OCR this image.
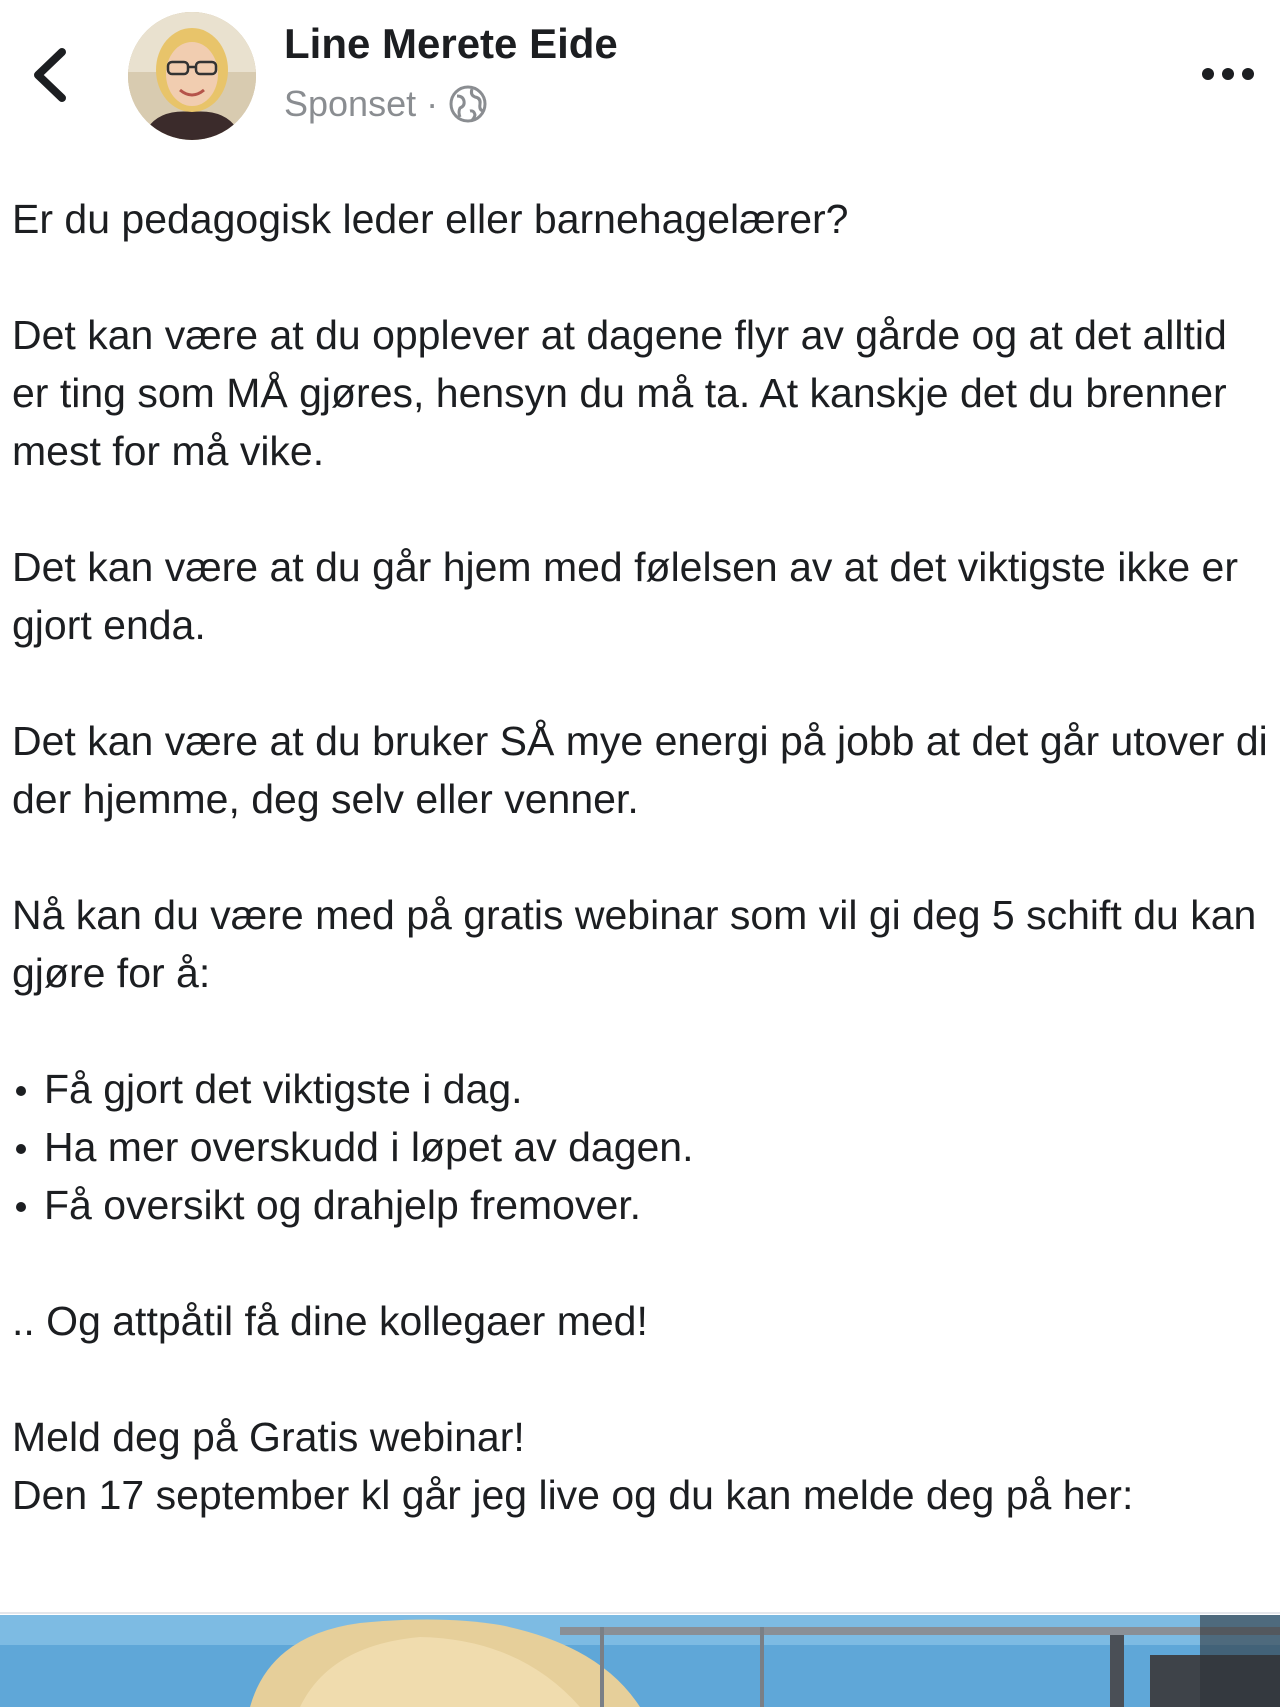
Line Merete Eide
Sponset ·

Er du pedagogisk leder eller barnehagelærer?

Det kan være at du opplever at dagene flyr av gårde og at det alltid er ting som MÅ gjøres, hensyn du må ta. At kanskje det du brenner mest for må vike.

Det kan være at du går hjem med følelsen av at det viktigste ikke er gjort enda.

Det kan være at du bruker SÅ mye energi på jobb at det går utover di der hjemme, deg selv eller venner.

Nå kan du være med på gratis webinar som vil gi deg 5 schift du kan gjøre for å:

Få gjort det viktigste i dag.
Ha mer overskudd i løpet av dagen.
Få oversikt og drahjelp fremover.

.. Og attpåtil få dine kollegaer med!

Meld deg på Gratis webinar!

Den 17 september kl går jeg live og du kan melde deg på her:
